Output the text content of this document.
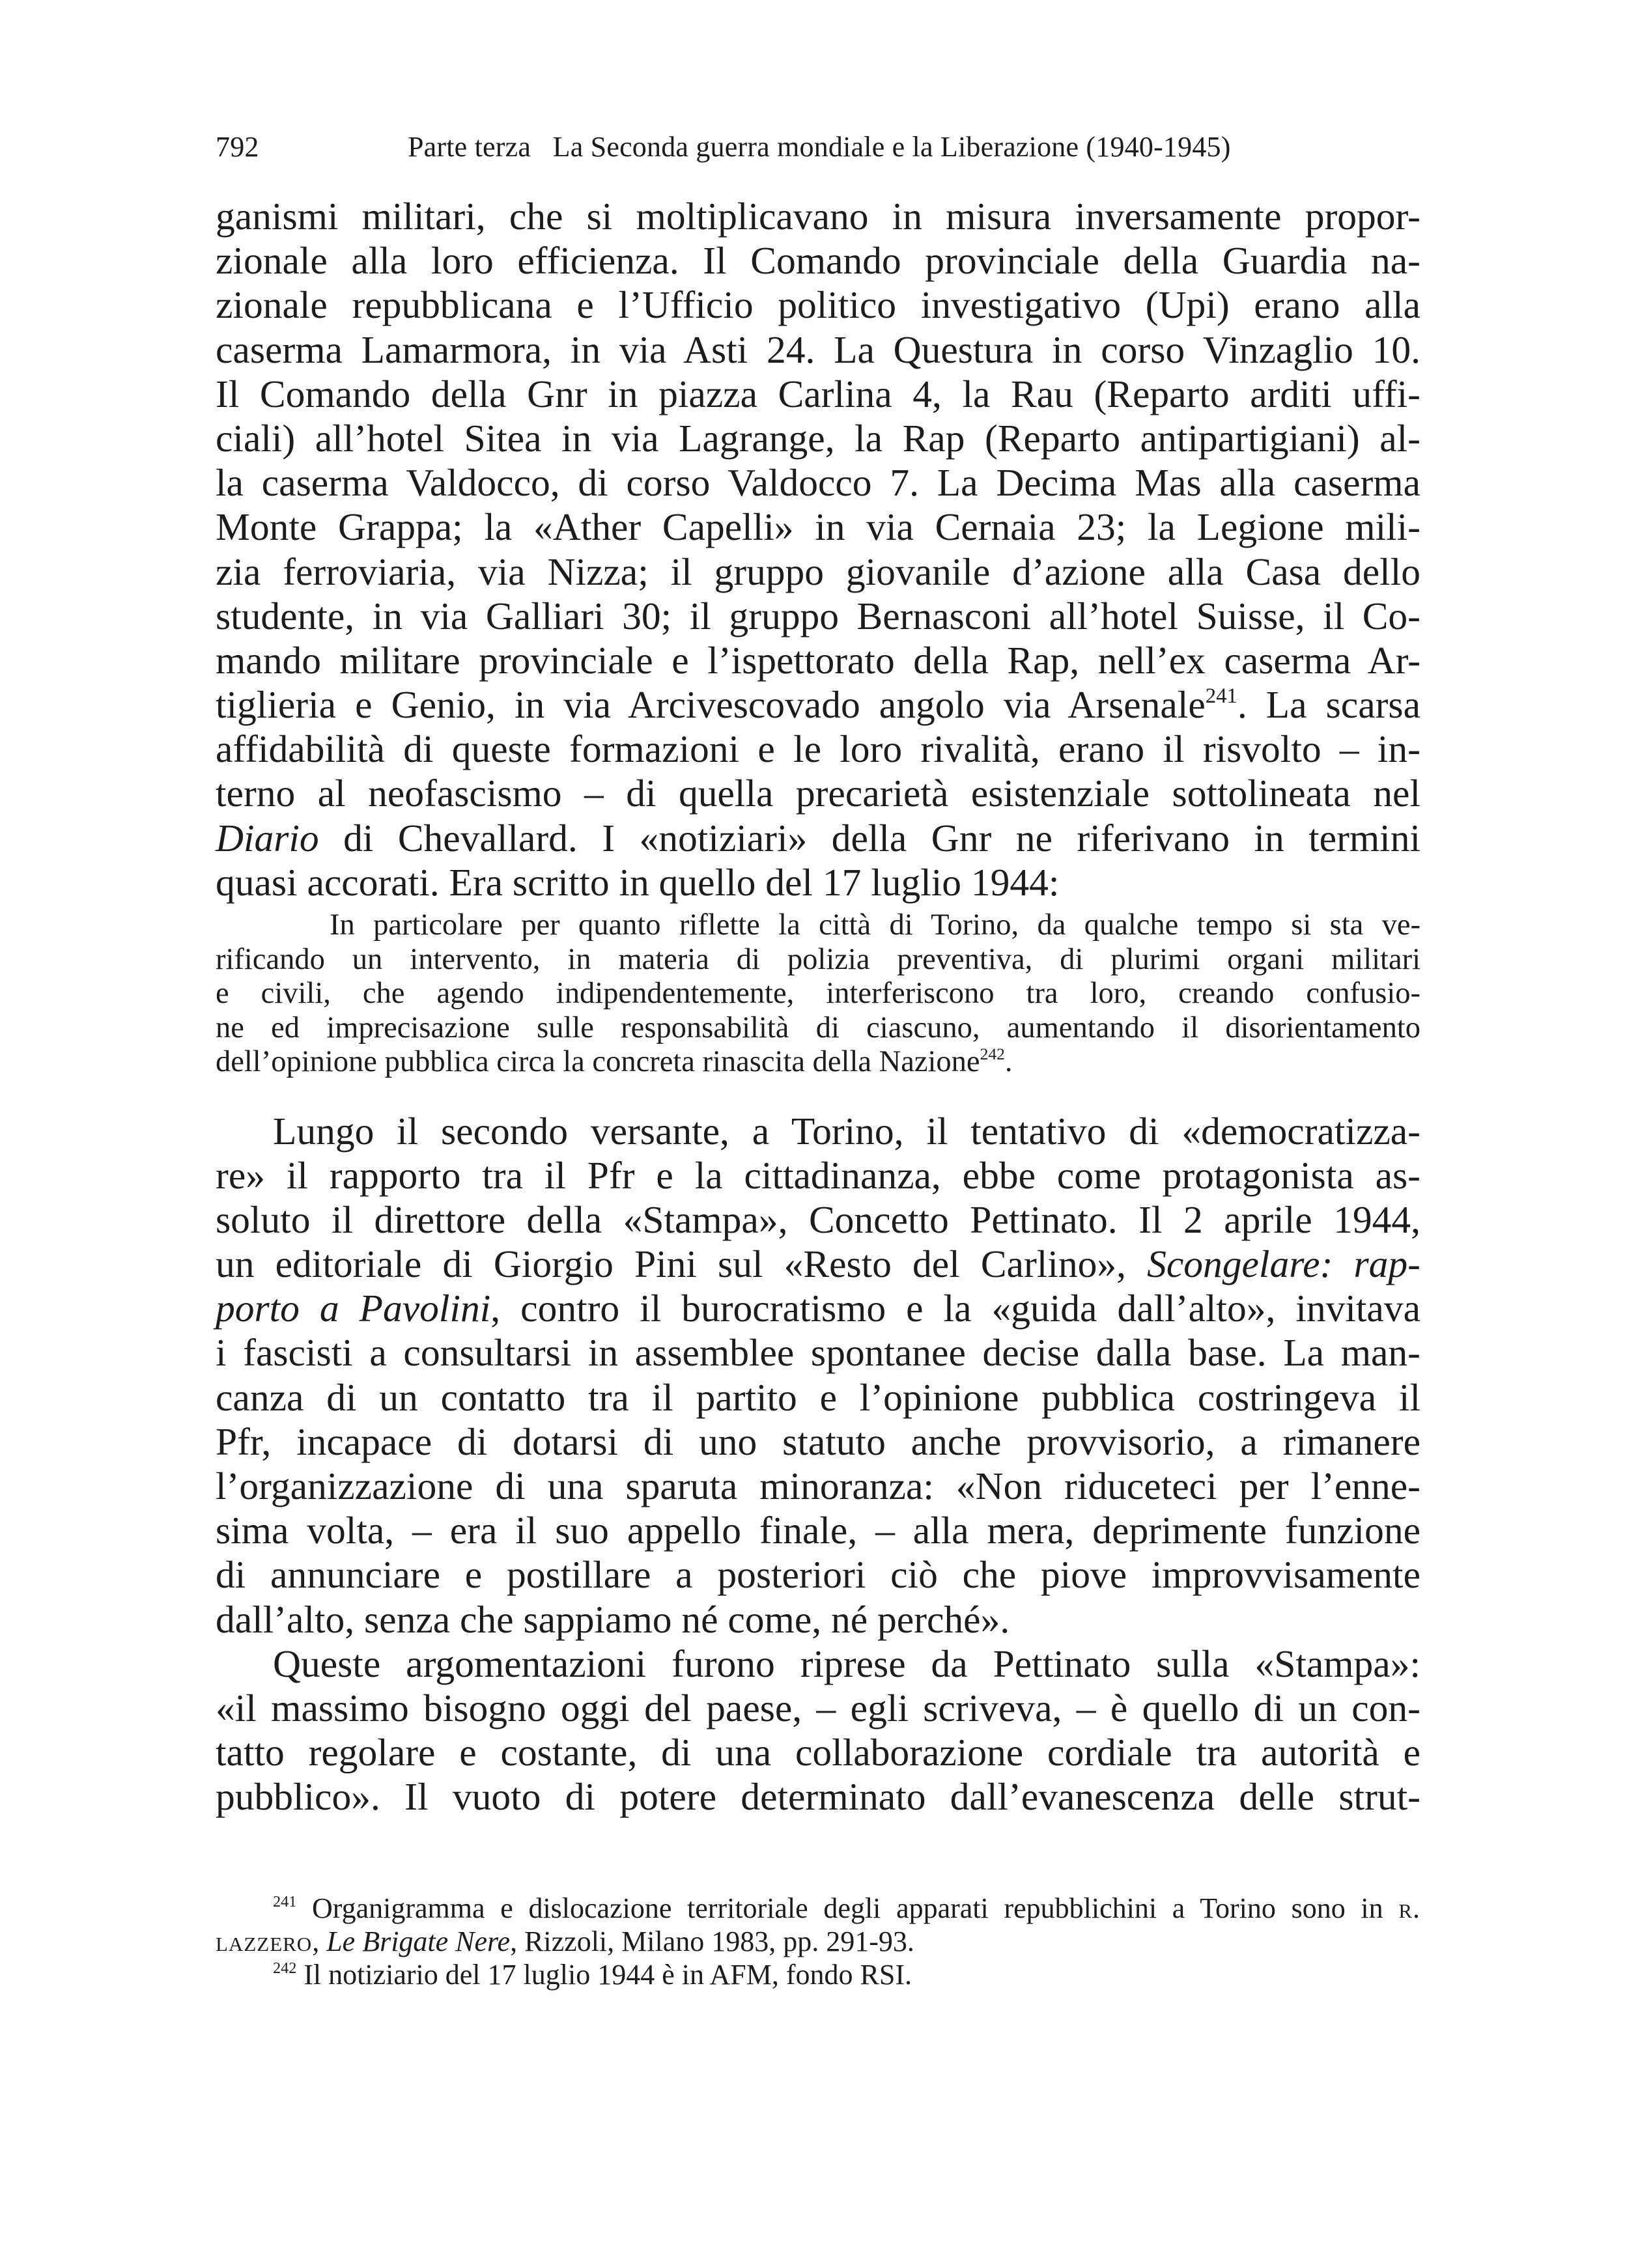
792	Parte terza   La Seconda guerra mondiale e la Liberazione (1940-1945)
ganismi militari, che si moltiplicavano in misura inversamente propor-
zionale alla loro efficienza. Il Comando provinciale della Guardia na-
zionale repubblicana e l’Ufficio politico investigativo (Upi) erano alla
caserma Lamarmora, in via Asti 24. La Questura in corso Vinzaglio 10.
Il Comando della Gnr in piazza Carlina 4, la Rau (Reparto arditi uffi-
ciali) all’hotel Sitea in via Lagrange, la Rap (Reparto antipartigiani) al-
la caserma Valdocco, di corso Valdocco 7. La Decima Mas alla caserma
Monte Grappa; la «Ather Capelli» in via Cernaia 23; la Legione mili-
zia ferroviaria, via Nizza; il gruppo giovanile d’azione alla Casa dello
studente, in via Galliari 30; il gruppo Bernasconi all’hotel Suisse, il Co-
mando militare provinciale e l’ispettorato della Rap, nell’ex caserma Ar-
tiglieria e Genio, in via Arcivescovado angolo via Arsenale$^{241}$. La scarsa
affidabilità di queste formazioni e le loro rivalità, erano il risvolto – in-
terno al neofascismo – di quella precarietà esistenziale sottolineata nel
Diario di Chevallard. I «notiziari» della Gnr ne riferivano in termini
quasi accorati. Era scritto in quello del 17 luglio 1944:
In particolare per quanto riflette la città di Torino, da qualche tempo si sta ve-
rificando un intervento, in materia di polizia preventiva, di plurimi organi militari
e civili, che agendo indipendentemente, interferiscono tra loro, creando confusio-
ne ed imprecisazione sulle responsabilità di ciascuno, aumentando il disorientamento
dell’opinione pubblica circa la concreta rinascita della Nazione$^{242}$.
Lungo il secondo versante, a Torino, il tentativo di «democratizza-
re» il rapporto tra il Pfr e la cittadinanza, ebbe come protagonista as-
soluto il direttore della «Stampa», Concetto Pettinato. Il 2 aprile 1944,
un editoriale di Giorgio Pini sul «Resto del Carlino», Scongelare: rap-
porto a Pavolini, contro il burocratismo e la «guida dall’alto», invitava
i fascisti a consultarsi in assemblee spontanee decise dalla base. La man-
canza di un contatto tra il partito e l’opinione pubblica costringeva il
Pfr, incapace di dotarsi di uno statuto anche provvisorio, a rimanere
l’organizzazione di una sparuta minoranza: «Non riduceteci per l’enne-
sima volta, – era il suo appello finale, – alla mera, deprimente funzione
di annunciare e postillare a posteriori ciò che piove improvvisamente
dall’alto, senza che sappiamo né come, né perché».
Queste argomentazioni furono riprese da Pettinato sulla «Stampa»:
«il massimo bisogno oggi del paese, – egli scriveva, – è quello di un con-
tatto regolare e costante, di una collaborazione cordiale tra autorità e
pubblico». Il vuoto di potere determinato dall’evanescenza delle strut-
$^{241}$ Organigramma e dislocazione territoriale degli apparati repubblichini a Torino sono in r.
lazzero, Le Brigate Nere, Rizzoli, Milano 1983, pp. 291-93.
$^{242}$ Il notiziario del 17 luglio 1944 è in AFM, fondo RSI.
